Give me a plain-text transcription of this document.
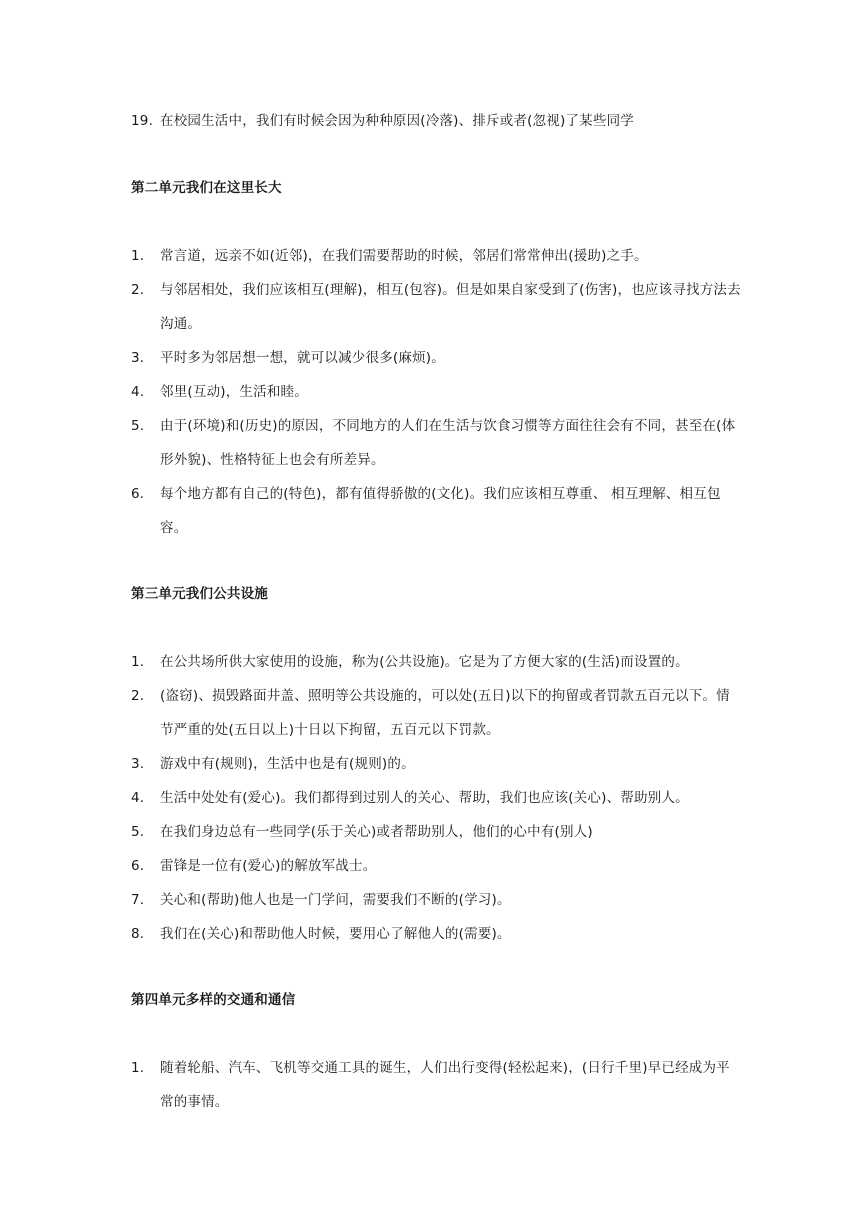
19. 在校园生活中，我们有时候会因为种种原因(冷落)、排斥或者(忽视)了某些同学
第二单元我们在这里长大
1.	常言道，远亲不如(近邻)，在我们需要帮助的时候，邻居们常常伸出(援助)之手。
2.	与邻居相处，我们应该相互(理解)，相互(包容)。但是如果自家受到了(伤害)，也应该寻找方法去沟通。
3.	平时多为邻居想一想，就可以减少很多(麻烦)。
4.	邻里(互动)，生活和睦。
5.	由于(环境)和(历史)的原因，不同地方的人们在生活与饮食习惯等方面往往会有不同，甚至在(体形外貌)、性格特征上也会有所差异。
6.	每个地方都有自己的(特色)，都有值得骄傲的(文化)。我们应该相互尊重、 相互理解、相互包容。
第三单元我们公共设施
1.	在公共场所供大家使用的设施，称为(公共设施)。它是为了方便大家的(生活)而设置的。
2.	(盗窃)、损毁路面井盖、照明等公共设施的，可以处(五日)以下的拘留或者罚款五百元以下。情节严重的处(五日以上)十日以下拘留，五百元以下罚款。
3.	游戏中有(规则)，生活中也是有(规则)的。
4.	生活中处处有(爱心)。我们都得到过别人的关心、帮助，我们也应该(关心)、帮助别人。
5.	在我们身边总有一些同学(乐于关心)或者帮助别人，他们的心中有(别人)
6.	雷锋是一位有(爱心)的解放军战士。
7.	关心和(帮助)他人也是一门学问，需要我们不断的(学习)。
8.	我们在(关心)和帮助他人时候，要用心了解他人的(需要)。
第四单元多样的交通和通信
1.	随着轮船、汽车、飞机等交通工具的诞生，人们出行变得(轻松起来)，(日行千里)早已经成为平常的事情。
